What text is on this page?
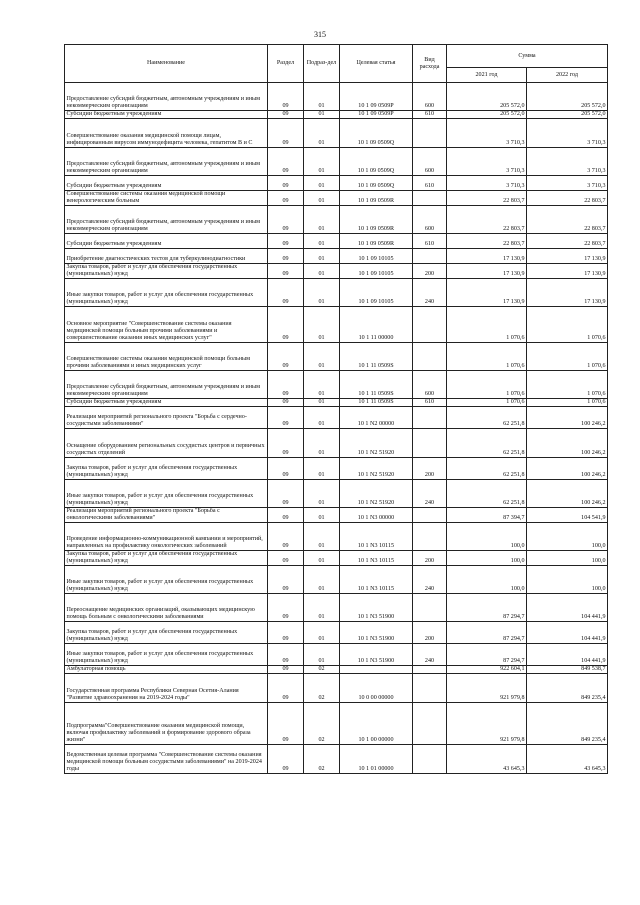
315
Наименование	Раздел	Подраз-дел	Целевая статья	Вид расхода	Сумма	
					2021 год	2022 год
Предоставление субсидий бюджетным, автономным учреждениям и иным некоммерческим организациям	09	01	10 1 09 0509P	600	205 572,0	205 572,0
Субсидии бюджетным учреждениям	09	01	10 1 09 0509P	610	205 572,0	205 572,0
Совершенствование оказания медицинской помощи лицам, инфицированным вирусом иммунодефицита человека, гепатитом B и C	09	01	10 1 09 0509Q		3 710,3	3 710,3
Предоставление субсидий бюджетным, автономным учреждениям и иным некоммерческим организациям	09	01	10 1 09 0509Q	600	3 710,3	3 710,3
Субсидии бюджетным учреждениям	09	01	10 1 09 0509Q	610	3 710,3	3 710,3
Совершенствование системы оказания медицинской помощи венерологическим больным	09	01	10 1 09 0509R		22 803,7	22 803,7
Предоставление субсидий бюджетным, автономным учреждениям и иным некоммерческим организациям	09	01	10 1 09 0509R	600	22 803,7	22 803,7
Субсидии бюджетным учреждениям	09	01	10 1 09 0509R	610	22 803,7	22 803,7
Приобретение диагностических тестов для туберкулинодиагностики	09	01	10 1 09 10105		17 130,9	17 130,9
Закупка товаров, работ и услуг для обеспечения государственных (муниципальных) нужд	09	01	10 1 09 10105	200	17 130,9	17 130,9
Иные закупки товаров, работ и услуг для обеспечения государственных (муниципальных) нужд	09	01	10 1 09 10105	240	17 130,9	17 130,9
Основное мероприятие "Совершенствование системы оказания медицинской помощи больным прочими заболеваниями и совершенствование оказания иных медицинских услуг"	09	01	10 1 11 00000		1 070,6	1 070,6
Совершенствование системы оказания медицинской помощи больным прочими заболеваниями и иных медицинских услуг	09	01	10 1 11 0509S		1 070,6	1 070,6
Предоставление субсидий бюджетным, автономным учреждениям и иным некоммерческим организациям	09	01	10 1 11 0509S	600	1 070,6	1 070,6
Субсидии бюджетным учреждениям	09	01	10 1 11 0509S	610	1 070,6	1 070,6
Реализация мероприятий регионального проекта "Борьба с сердечно-сосудистыми заболеваниями"	09	01	10 1 N2 00000		62 251,8	100 246,2
Оснащение оборудованием региональных сосудистых центров и первичных сосудистых отделений	09	01	10 1 N2 51920		62 251,8	100 246,2
Закупка товаров, работ и услуг для обеспечения государственных (муниципальных) нужд	09	01	10 1 N2 51920	200	62 251,8	100 246,2
Иные закупки товаров, работ и услуг для обеспечения государственных (муниципальных) нужд	09	01	10 1 N2 51920	240	62 251,8	100 246,2
Реализация мероприятий регионального проекта "Борьба с онкологическими заболеваниями"	09	01	10 1 N3 00000		87 394,7	104 541,9
Проведение информационно-коммуникационной кампании и мероприятий, направленных на профилактику онкологических заболеваний	09	01	10 1 N3 10115		100,0	100,0
Закупка товаров, работ и услуг для обеспечения государственных (муниципальных) нужд	09	01	10 1 N3 10115	200	100,0	100,0
Иные закупки товаров, работ и услуг для обеспечения государственных (муниципальных) нужд	09	01	10 1 N3 10115	240	100,0	100,0
Переоснащение медицинских организаций, оказывающих медицинскую помощь больным с онкологическими заболеваниями	09	01	10 1 N3 51900		87 294,7	104 441,9
Закупка товаров, работ и услуг для обеспечения государственных (муниципальных) нужд	09	01	10 1 N3 51900	200	87 294,7	104 441,9
Иные закупки товаров, работ и услуг для обеспечения государственных (муниципальных) нужд	09	01	10 1 N3 51900	240	87 294,7	104 441,9
Амбулаторная помощь	09	02			922 604,1	849 538,7
Государственная программа Республики Северная Осетия-Алания "Развитие здравоохранения на 2019-2024 годы"	09	02	10 0 00 00000		921 979,8	849 235,4
Подпрограмма"Совершенствование оказания медицинской помощи, включая профилактику заболеваний и формирование здорового образа жизни"	09	02	10 1 00 00000		921 979,8	849 235,4
Ведомственная целевая программа "Совершенствование системы оказания медицинской помощи больным сосудистыми заболеваниями" на 2019-2024 годы	09	02	10 1 01 00000		43 645,3	43 645,3
